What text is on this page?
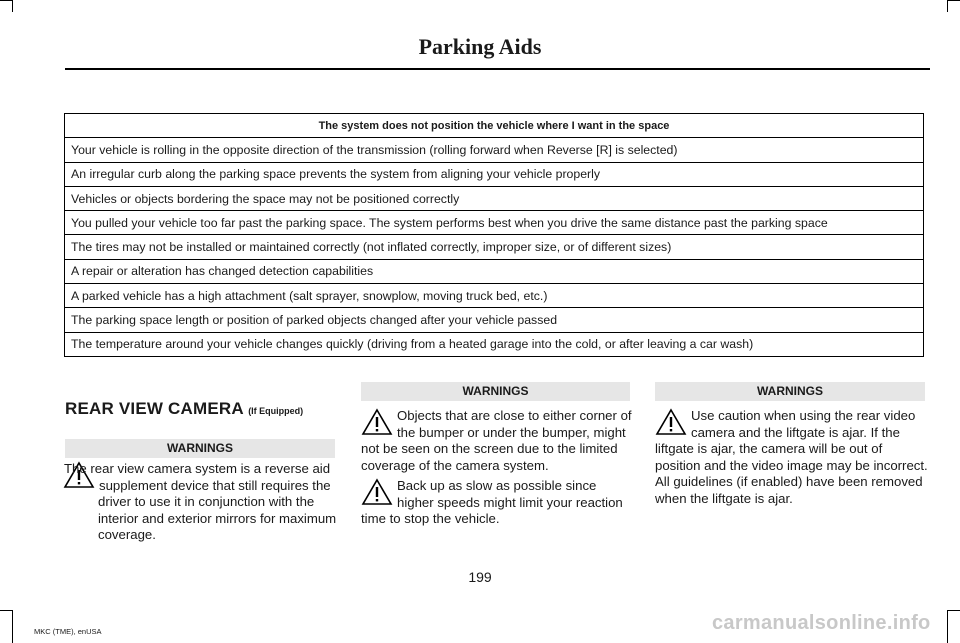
Parking Aids
The system does not position the vehicle where I want in the space
Your vehicle is rolling in the opposite direction of the transmission (rolling forward when Reverse [R] is selected)
An irregular curb along the parking space prevents the system from aligning your vehicle properly
Vehicles or objects bordering the space may not be positioned correctly
You pulled your vehicle too far past the parking space. The system performs best when you drive the same distance past the parking space
The tires may not be installed or maintained correctly (not inflated correctly, improper size, or of different sizes)
A repair or alteration has changed detection capabilities
A parked vehicle has a high attachment (salt sprayer, snowplow, moving truck bed, etc.)
The parking space length or position of parked objects changed after your vehicle passed
The temperature around your vehicle changes quickly (driving from a heated garage into the cold, or after leaving a car wash)
REAR VIEW CAMERA (If Equipped)
WARNINGS
The rear view camera system is a reverse aid supplement device that still requires the driver to use it in conjunction with the interior and exterior mirrors for maximum coverage.
WARNINGS
Objects that are close to either corner of the bumper or under the bumper, might not be seen on the screen due to the limited coverage of the camera system.
Back up as slow as possible since higher speeds might limit your reaction time to stop the vehicle.
WARNINGS
Use caution when using the rear video camera and the liftgate is ajar. If the liftgate is ajar, the camera will be out of position and the video image may be incorrect. All guidelines (if enabled) have been removed when the liftgate is ajar.
199
MKC (TME), enUSA	carmanualsonline.info
